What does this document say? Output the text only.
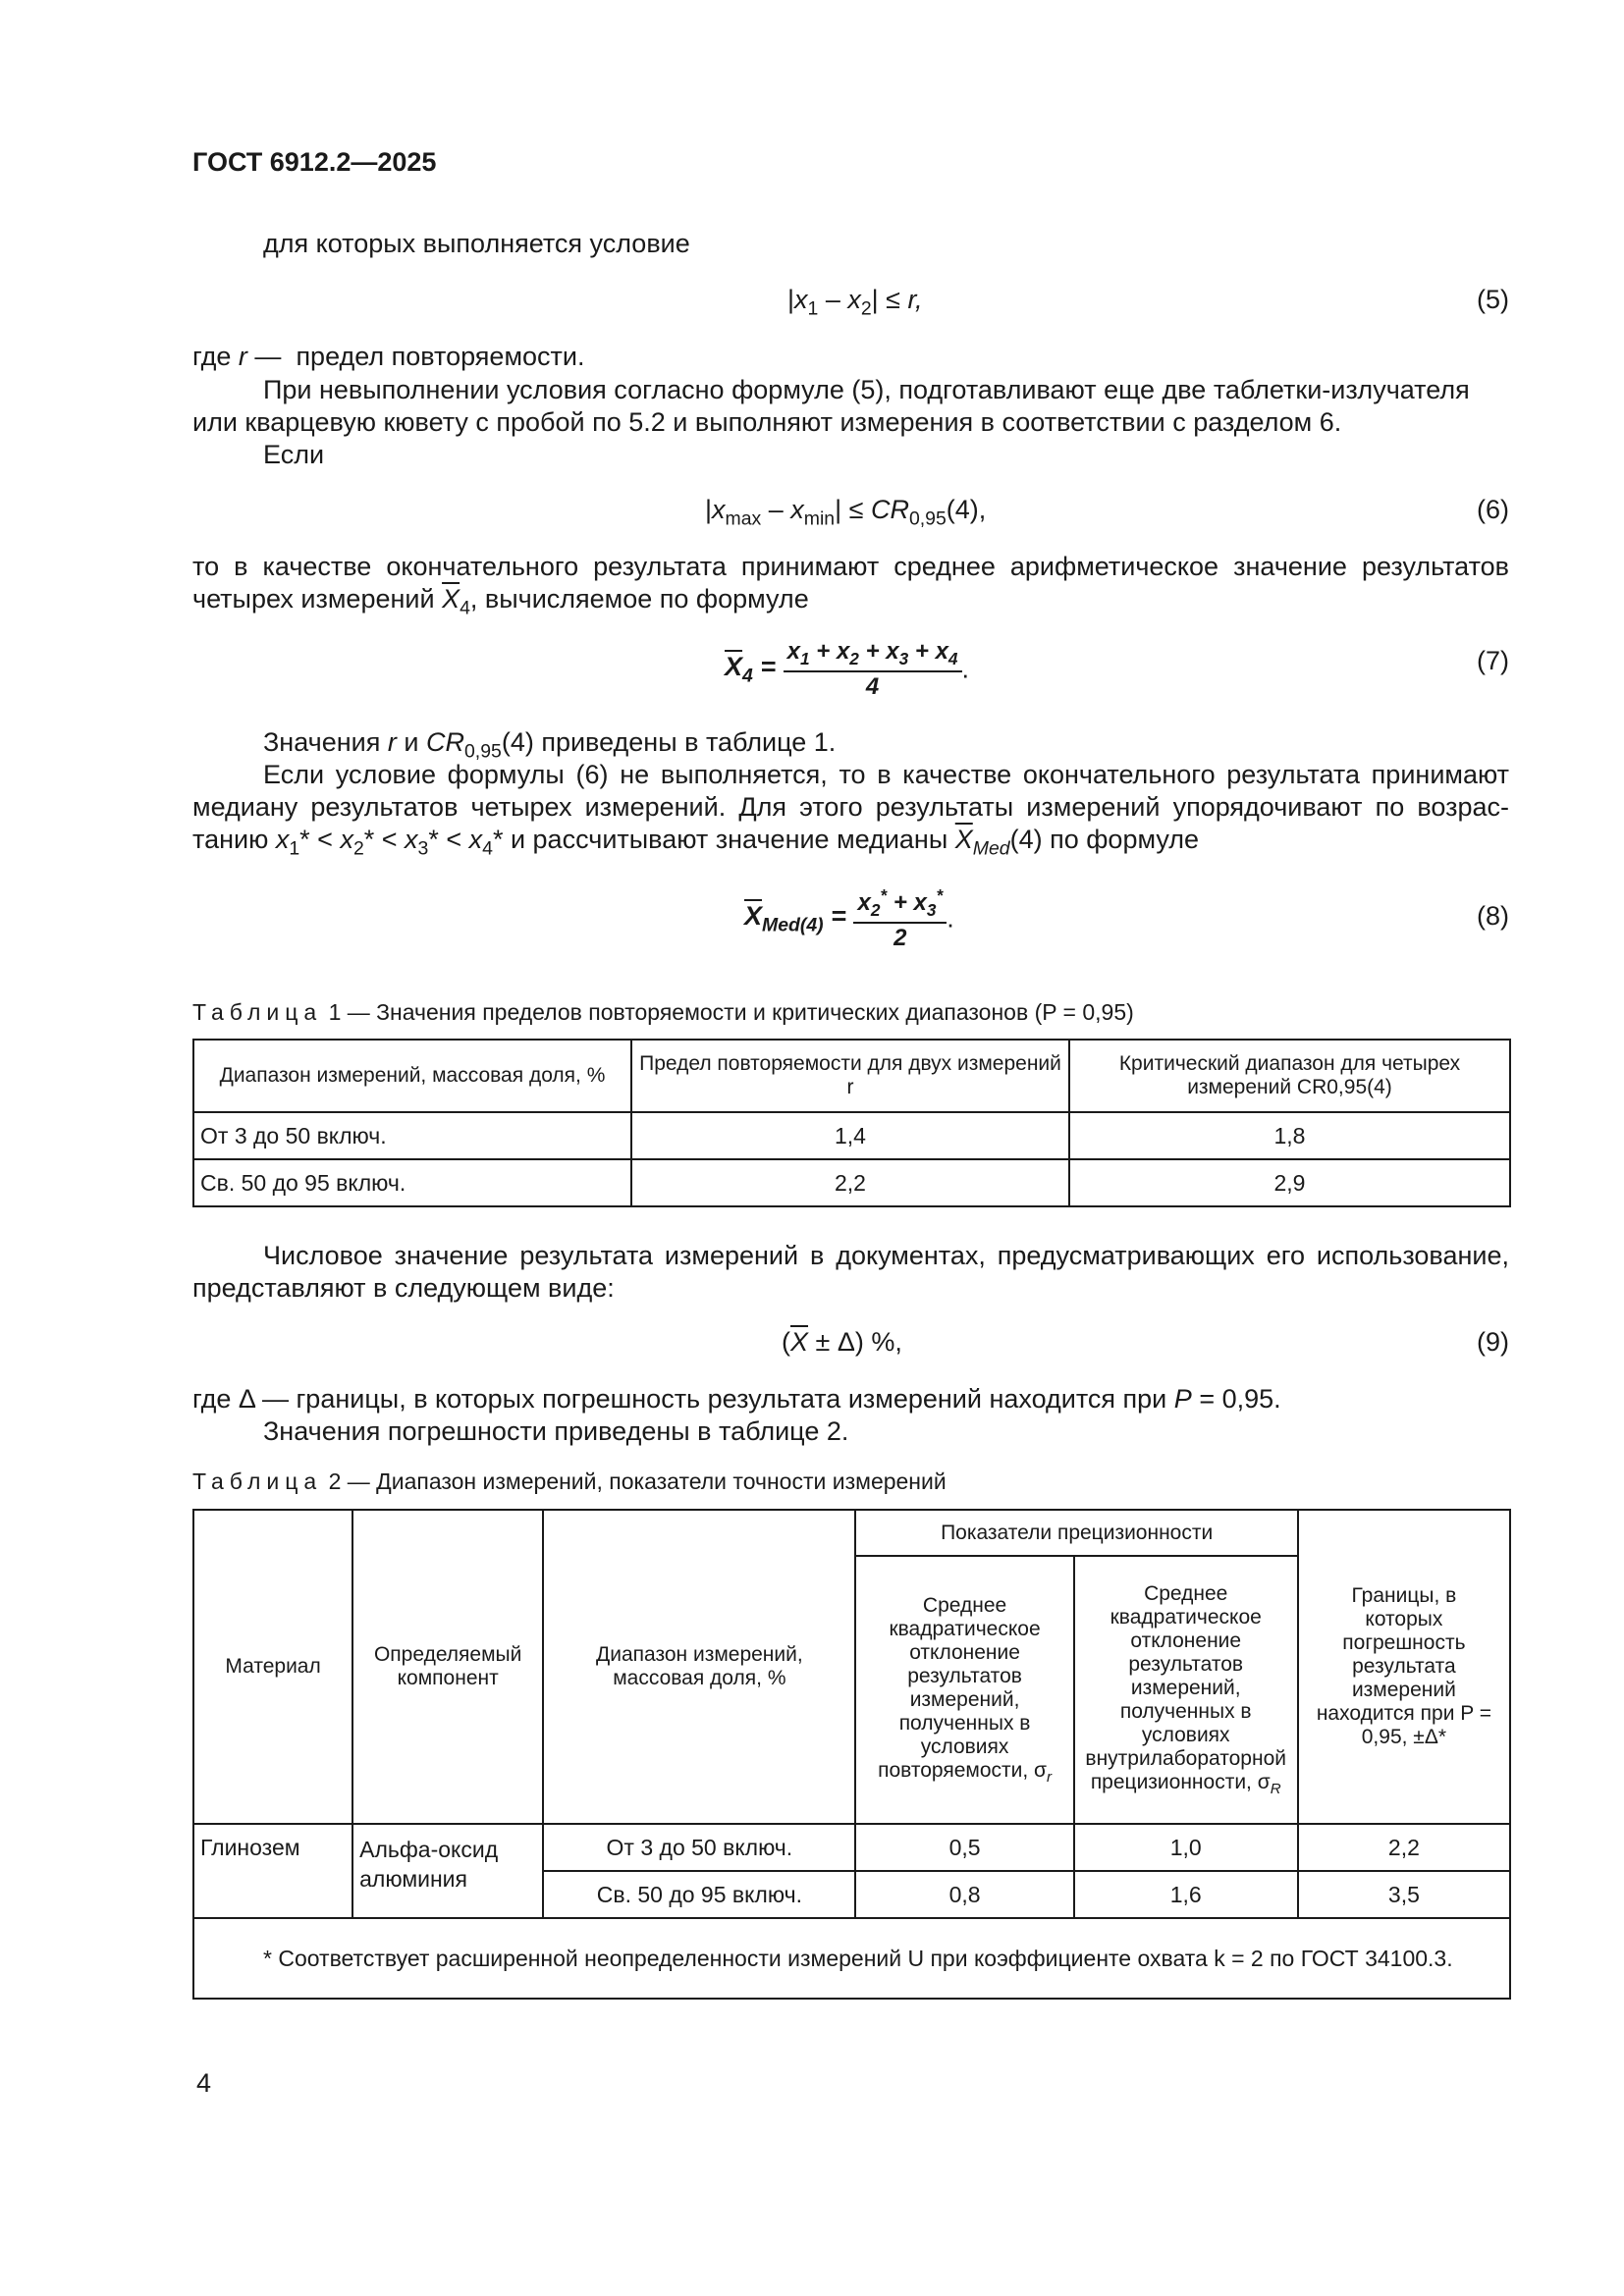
ГОСТ 6912.2—2025
для которых выполняется условие
$|x_1 - x_2| \le r$,	(5)
где r —  предел повторяемости.
При невыполнении условия согласно формуле (5), подготавливают еще две таблетки-излучателя
или кварцевую кювету с пробой по 5.2 и выполняют измерения в соответствии с разделом 6.
Если
$|x_{max} - x_{min}| \le CR_{0,95}(4)$,	(6)
то в качестве окончательного результата принимают среднее арифметическое значение результатов
четырех измерений $\overline{X}_4$, вычисляемое по формуле
$\overline{X}_4 = \frac{x_1 + x_2 + x_3 + x_4}{4}$ .	(7)
Значения r и $CR_{0,95}(4)$ приведены в таблице 1.
Если условие формулы (6) не выполняется, то в качестве окончательного результата принимают
медиану результатов четырех измерений. Для этого результаты измерений упорядочивают по возрас-
танию $x_1* < x_2* < x_3* < x_4*$ и рассчитывают значение медианы $\overline{X}_{Med}(4)$ по формуле
$\overline{X}_{Med(4)} = \frac{x_2^* + x_3^*}{2}$ .	(8)
Таблица 1 — Значения пределов повторяемости и критических диапазонов (P = 0,95)
Диапазон измерений, массовая доля, %	Предел повторяемости для двух измерений r	Критический диапазон для четырех измерений CR0,95(4)
От 3 до 50 включ.	1,4	1,8
Св. 50 до 95 включ.	2,2	2,9
Числовое значение результата измерений в документах, предусматривающих его использование,
представляют в следующем виде:
$(\overline{X} \pm \Delta)$ %,	(9)
где Δ — границы, в которых погрешность результата измерений находится при P = 0,95.
Значения погрешности приведены в таблице 2.
Таблица 2 — Диапазон измерений, показатели точности измерений
Материал	Определяемый компонент	Диапазон измерений, массовая доля, %	Показатели прецизионности		Границы, в которых погрешность результата измерений находится при P = 0,95, ±Δ*
			Среднее квадратическое отклонение результатов измерений, полученных в условиях повторяемости, $\sigma_r$	Среднее квадратическое отклонение результатов измерений, полученных в условиях внутрилабораторной прецизионности, $\sigma_R$
Глинозем	Альфа-оксид алюминия	От 3 до 50 включ.	0,5	1,0	2,2
		Св. 50 до 95 включ.	0,8	1,6	3,5
* Соответствует расширенной неопределенности измерений U при коэффициенте охвата k = 2 по ГОСТ 34100.3.					
4
